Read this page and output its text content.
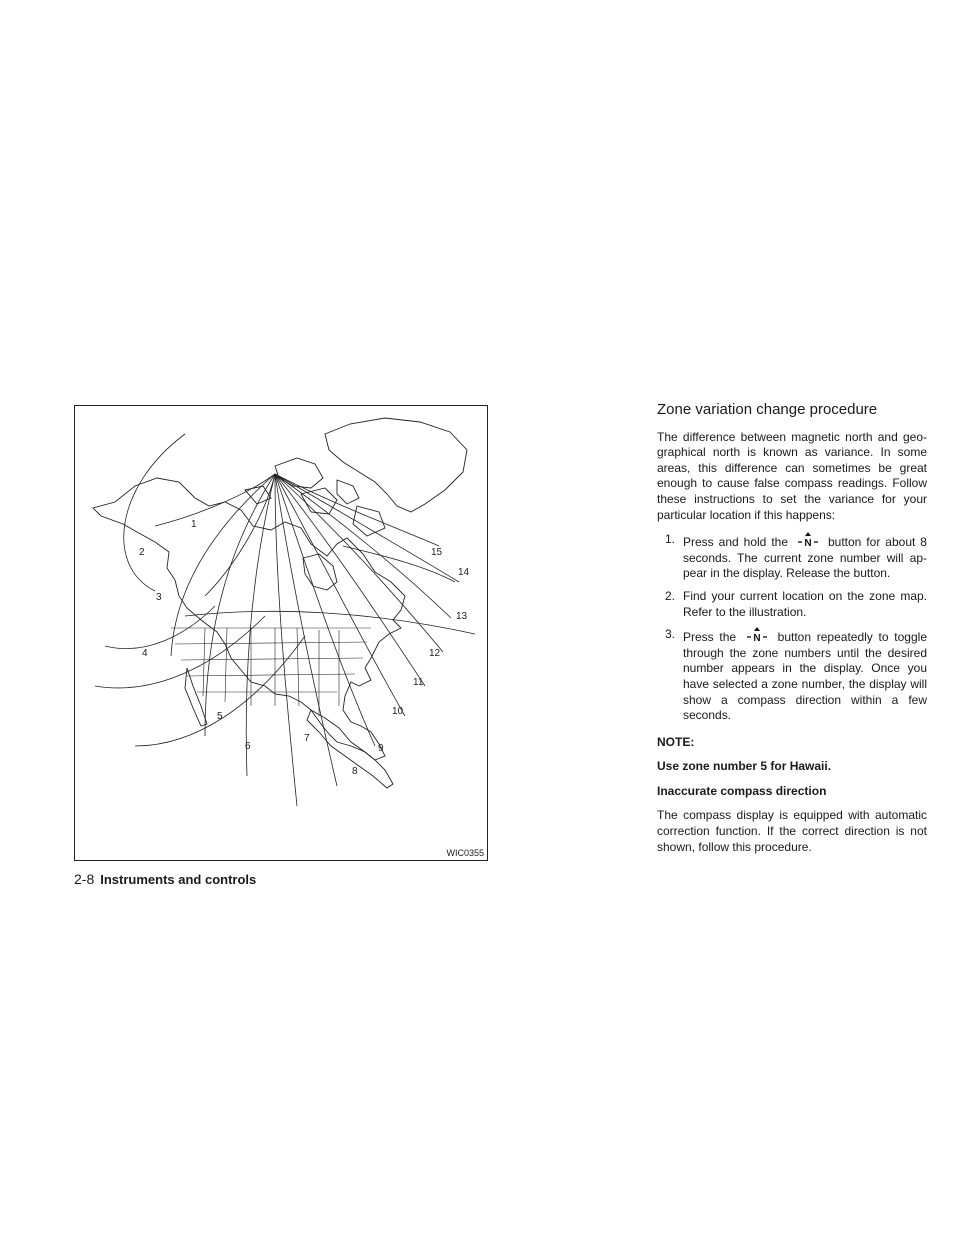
1
2
3
4
5
6
7
8
9
10
11
12
13
14
15
WIC0355
2-8 Instruments and controls
Zone variation change procedure

The difference between magnetic north and geo-graphical north is known as variance. In some areas, this difference can sometimes be great enough to cause false compass readings. Follow these instructions to set the variance for your particular location if this happens:

1. Press and hold the N button for about 8 seconds. The current zone number will ap-pear in the display. Release the button.
2. Find your current location on the zone map. Refer to the illustration.
3. Press the N button repeatedly to toggle through the zone numbers until the desired number appears in the display. Once you have selected a zone number, the display will show a compass direction within a few seconds.

NOTE:

Use zone number 5 for Hawaii.

Inaccurate compass direction

The compass display is equipped with automatic correction function. If the correct direction is not shown, follow this procedure.
